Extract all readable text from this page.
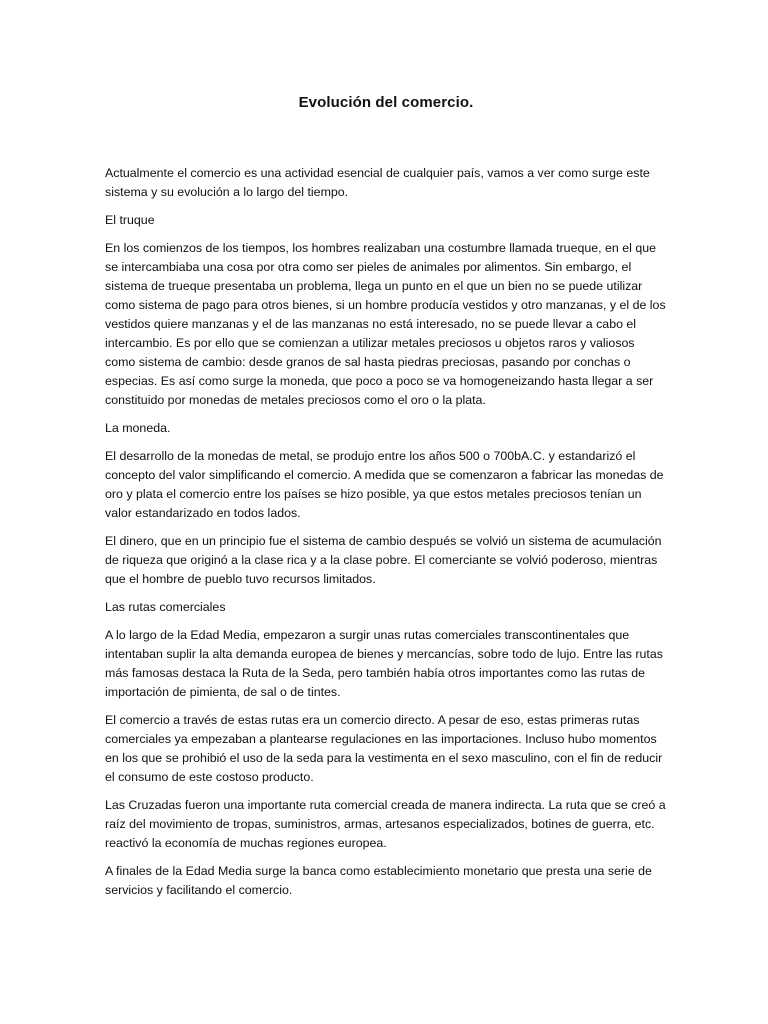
Evolución del comercio.

Actualmente el comercio es una actividad esencial de cualquier país, vamos a ver como surge este sistema y su evolución a lo largo del tiempo.

El truque

En los comienzos de los tiempos, los hombres realizaban una costumbre llamada trueque, en el que se intercambiaba una cosa por otra como ser pieles de animales por alimentos. Sin embargo, el sistema de trueque presentaba un problema, llega un punto en el que un bien no se puede utilizar como sistema de pago para otros bienes, si un hombre producía vestidos y otro manzanas, y el de los vestidos quiere manzanas y el de las manzanas no está interesado, no se puede llevar a cabo el intercambio. Es por ello que se comienzan a utilizar metales preciosos u objetos raros y valiosos como sistema de cambio: desde granos de sal hasta piedras preciosas, pasando por conchas o especias. Es así como surge la moneda, que poco a poco se va homogeneizando hasta llegar a ser constituido por monedas de metales preciosos como el oro o la plata.

La moneda.

El desarrollo de la monedas de metal, se produjo entre los años 500 o 700bA.C. y estandarizó el concepto del valor simplificando el comercio. A medida que se comenzaron a fabricar las monedas de oro y plata el comercio entre los países se hizo posible, ya que estos metales preciosos tenían un valor estandarizado en todos lados.

El dinero, que en un principio fue el sistema de cambio después se volvió un sistema de acumulación de riqueza que originó a la clase rica y a la clase pobre. El comerciante se volvió poderoso, mientras que el hombre de pueblo tuvo recursos limitados.

Las rutas comerciales

A lo largo de la Edad Media, empezaron a surgir unas rutas comerciales transcontinentales que intentaban suplir la alta demanda europea de bienes y mercancías, sobre todo de lujo. Entre las rutas más famosas destaca la Ruta de la Seda, pero también había otros importantes como las rutas de importación de pimienta, de sal o de tintes.

El comercio a través de estas rutas era un comercio directo. A pesar de eso, estas primeras rutas comerciales ya empezaban a plantearse regulaciones en las importaciones. Incluso hubo momentos en los que se prohibió el uso de la seda para la vestimenta en el sexo masculino, con el fin de reducir el consumo de este costoso producto.

Las Cruzadas fueron una importante ruta comercial creada de manera indirecta. La ruta que se creó a raíz del movimiento de tropas, suministros, armas, artesanos especializados, botines de guerra, etc. reactivó la economía de muchas regiones europea.

A finales de la Edad Media surge la banca como establecimiento monetario que presta una serie de servicios y facilitando el comercio.
